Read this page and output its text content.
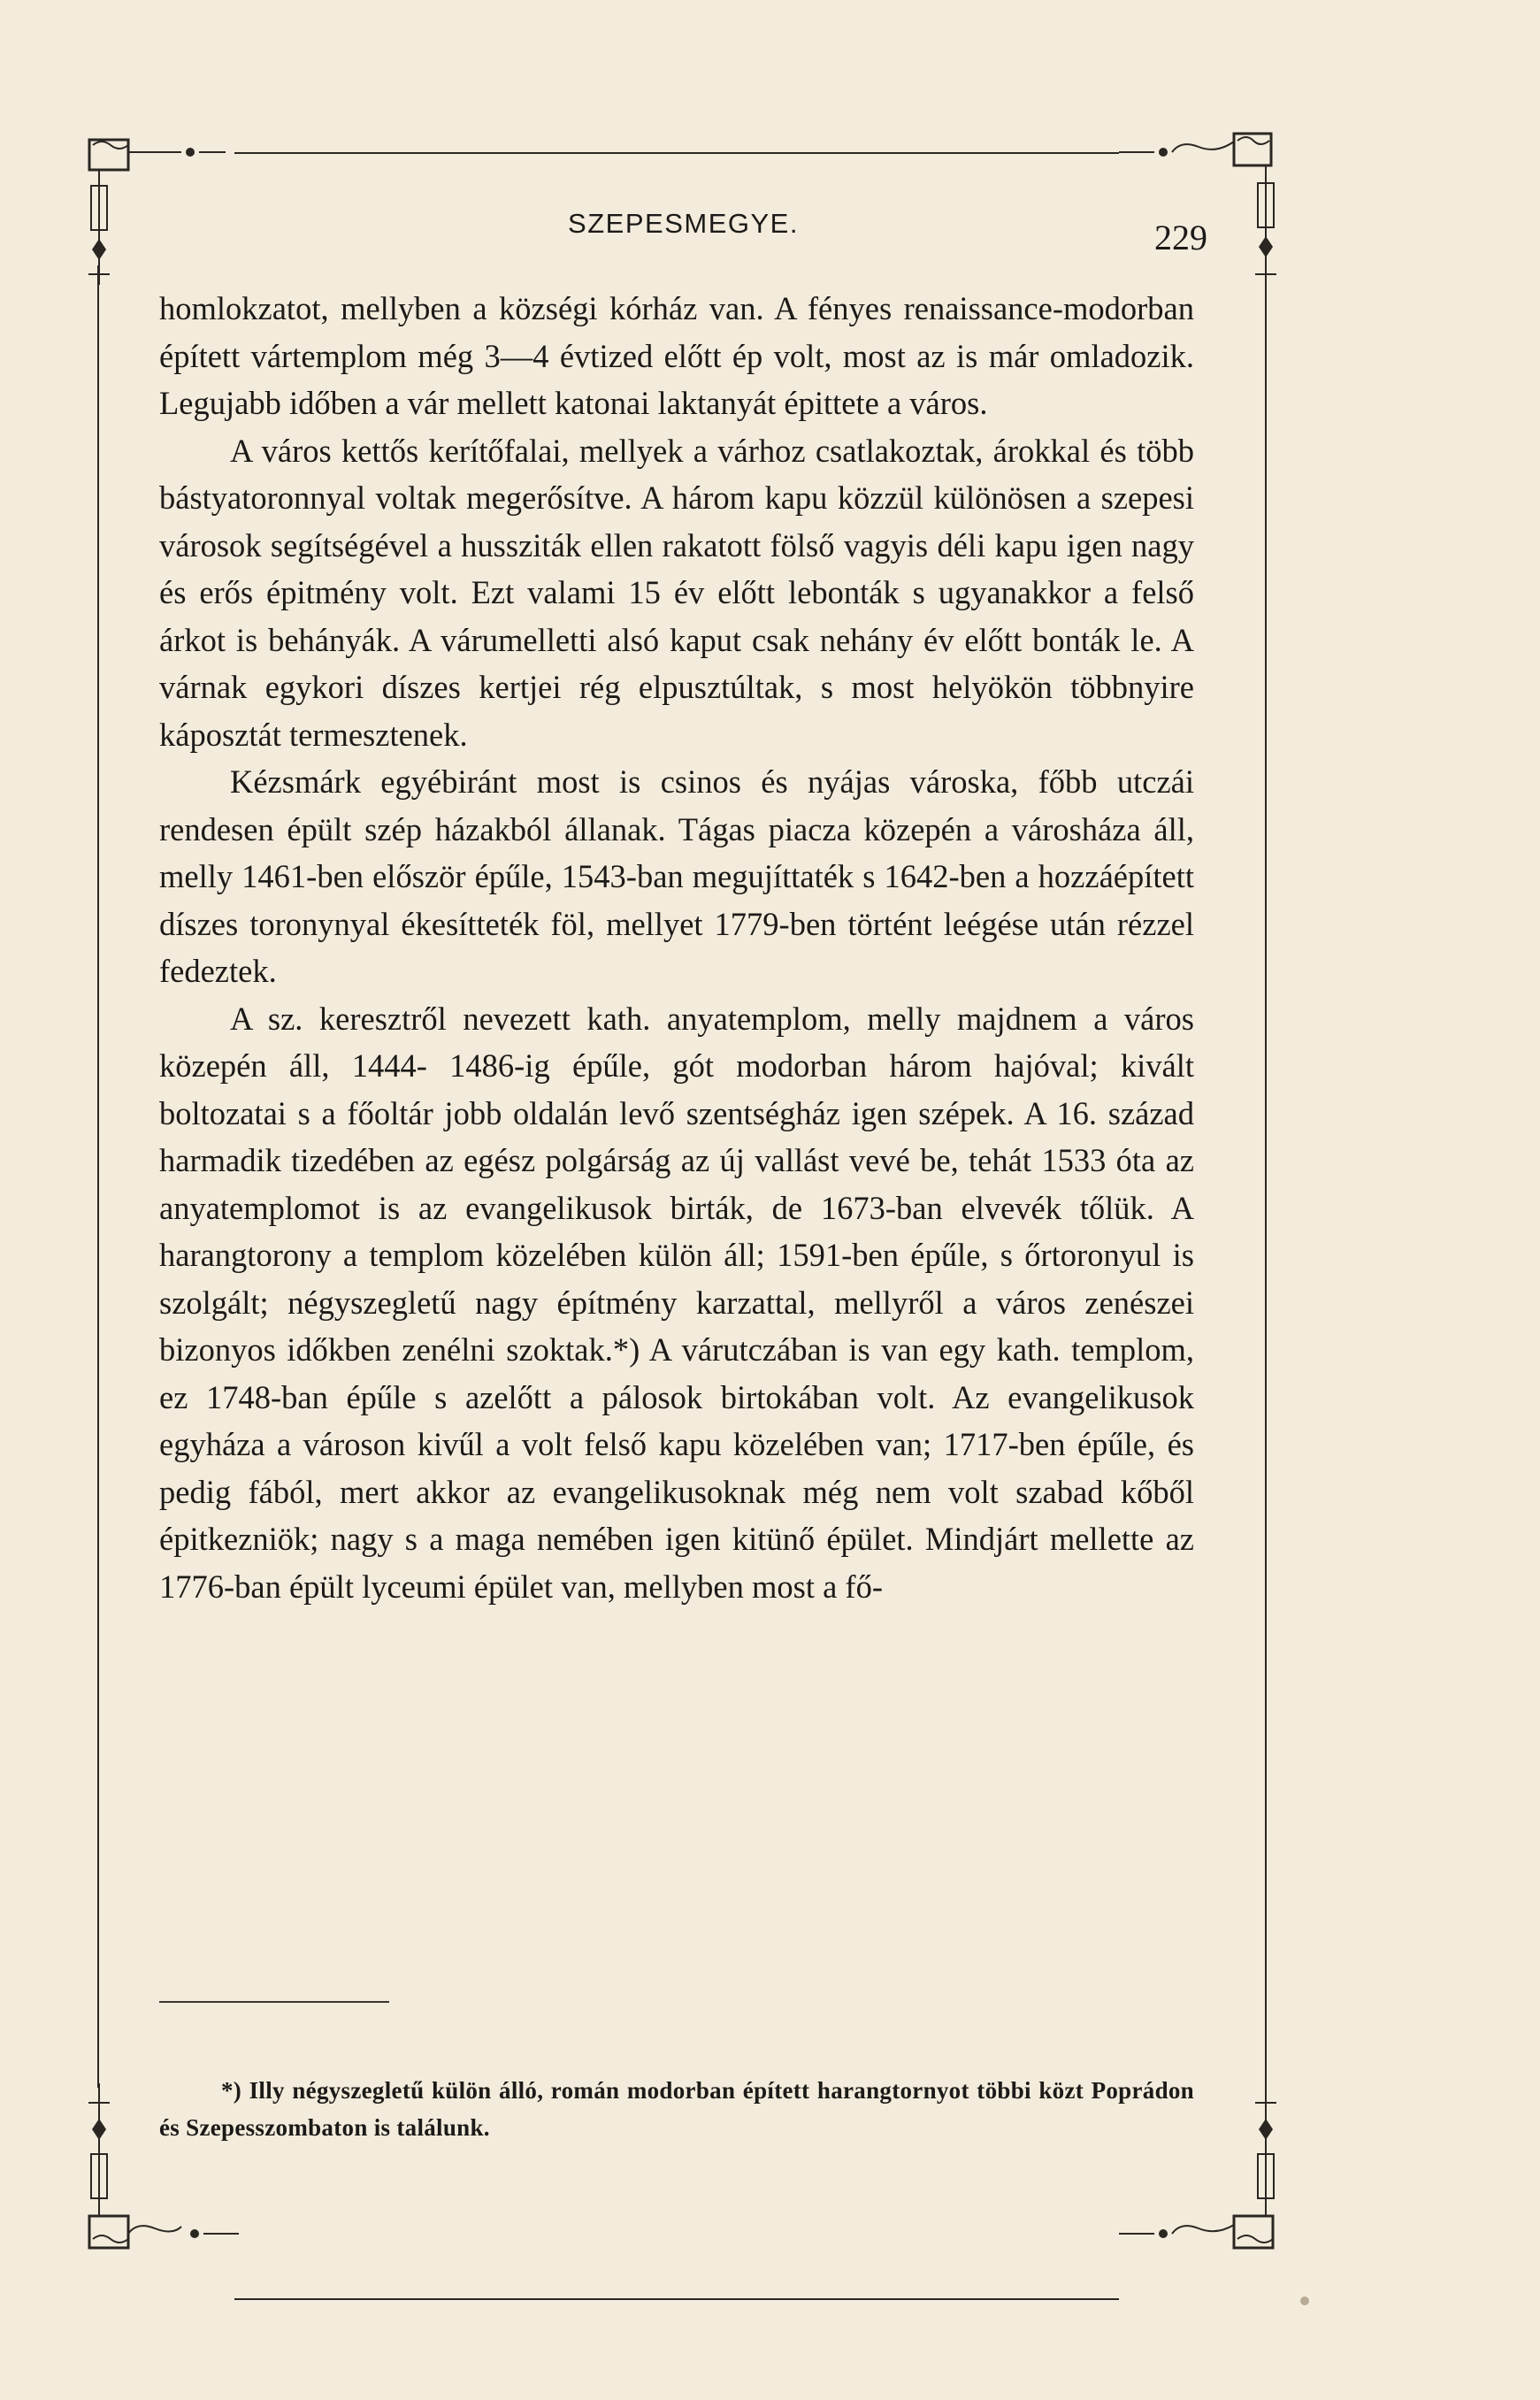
SZEPESMEGYE.	229

homlokzatot, mellyben a községi kórház van. A fényes renaissance-modorban épített vártemplom még 3—4 évtized előtt ép volt, most az is már omladozik. Legujabb időben a vár mellett katonai laktanyát épittete a város.

A város kettős kerítőfalai, mellyek a várhoz csatlakoztak, árokkal és több bástyatoronnyal voltak megerősítve. A három kapu közzül különösen a szepesi városok segítségével a hussziták ellen rakatott fölső vagyis déli kapu igen nagy és erős épitmény volt. Ezt valami 15 év előtt lebonták s ugyanakkor a felső árkot is behányák. A várumelletti alsó kaput csak nehány év előtt bonták le. A várnak egykori díszes kertjei rég elpusztúltak, s most helyökön többnyire káposztát termesztenek.

Kézsmárk egyébiránt most is csinos és nyájas városka, főbb utczái rendesen épült szép házakból állanak. Tágas piacza közepén a városháza áll, melly 1461-ben először épűle, 1543-ban megujíttaték s 1642-ben a hozzáépített díszes toronynyal ékesítteték föl, mellyet 1779-ben történt leégése után rézzel fedeztek.

A sz. keresztről nevezett kath. anyatemplom, melly majdnem a város közepén áll, 1444- 1486-ig épűle, gót modorban három hajóval; kivált boltozatai s a főoltár jobb oldalán levő szentségház igen szépek. A 16. század harmadik tizedében az egész polgárság az új vallást vevé be, tehát 1533 óta az anyatemplomot is az evangelikusok birták, de 1673-ban elvevék tőlük. A harangtorony a templom közelében külön áll; 1591-ben épűle, s őrtoronyul is szolgált; négyszegletű nagy építmény karzattal, mellyről a város zenészei bizonyos időkben zenélni szoktak.*) A várutczában is van egy kath. templom, ez 1748-ban épűle s azelőtt a pálosok birtokában volt. Az evangelikusok egyháza a városon kivűl a volt felső kapu közelében van; 1717-ben épűle, és pedig fából, mert akkor az evangelikusoknak még nem volt szabad kőből épitkezniök; nagy s a maga nemében igen kitünő épület. Mindjárt mellette az 1776-ban épült lyceumi épület van, mellyben most a fő-

*) Illy négyszegletű külön álló, román modorban épített harangtornyot többi közt Poprádon és Szepesszombaton is találunk.
